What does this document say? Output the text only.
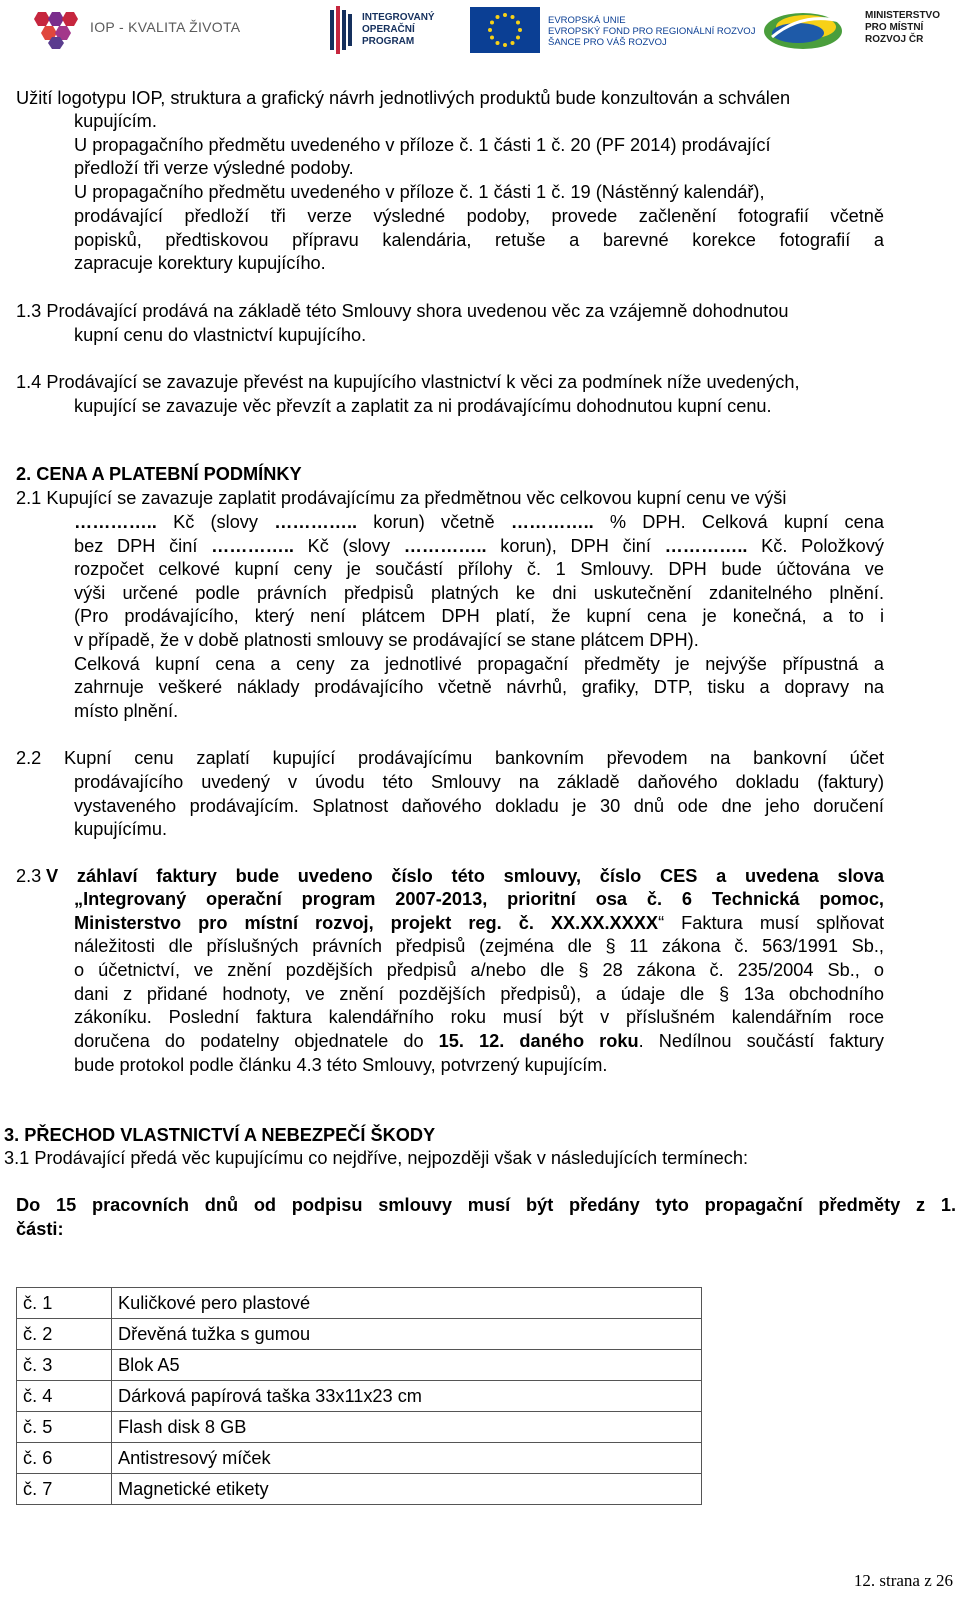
IOP - KVALITA ŽIVOTA
INTEGROVANÝ
OPERAČNÍ
PROGRAM
EVROPSKÁ UNIE
EVROPSKÝ FOND PRO REGIONÁLNÍ ROZVOJ
ŠANCE PRO VÁŠ ROZVOJ
MINISTERSTVO
PRO MÍSTNÍ
ROZVOJ ČR
Užití logotypu IOP, struktura a grafický návrh jednotlivých produktů bude konzultován a schválen
kupujícím.
U propagačního předmětu uvedeného v příloze č. 1 části 1 č. 20 (PF 2014) prodávající
předloží tři verze výsledné podoby.
U propagačního předmětu uvedeného v příloze č. 1 části 1 č. 19 (Nástěnný kalendář),
prodávající předloží tři verze výsledné podoby, provede začlenění fotografií včetně
popisků, předtiskovou přípravu kalendária, retuše a barevné korekce fotografií a
zapracuje korektury kupujícího.
1.3 Prodávající prodává na základě této Smlouvy shora uvedenou věc za vzájemně dohodnutou
kupní cenu do vlastnictví kupujícího.
1.4 Prodávající se zavazuje převést na kupujícího vlastnictví k věci za podmínek níže uvedených,
kupující se zavazuje věc převzít a zaplatit za ni prodávajícímu dohodnutou kupní cenu.
2. CENA A PLATEBNÍ PODMÍNKY
2.1 Kupující se zavazuje zaplatit prodávajícímu za předmětnou věc celkovou kupní cenu ve výši
………….. Kč (slovy ………….. korun) včetně ………….. % DPH. Celková kupní cena
bez DPH činí ………….. Kč (slovy ………….. korun), DPH činí ………….. Kč. Položkový
rozpočet celkové kupní ceny je součástí přílohy č. 1 Smlouvy. DPH bude účtována ve
výši určené podle právních předpisů platných ke dni uskutečnění zdanitelného plnění.
(Pro prodávajícího, který není plátcem DPH platí, že kupní cena je konečná, a to i
v případě, že v době platnosti smlouvy se prodávající se stane plátcem DPH).
Celková kupní cena a ceny za jednotlivé propagační předměty je nejvýše přípustná a
zahrnuje veškeré náklady prodávajícího včetně návrhů, grafiky, DTP, tisku a dopravy na
místo plnění.
2.2 Kupní cenu zaplatí kupující prodávajícímu bankovním převodem na bankovní účet
prodávajícího uvedený v úvodu této Smlouvy na základě daňového dokladu (faktury)
vystaveného prodávajícím. Splatnost daňového dokladu je 30 dnů ode dne jeho doručení
kupujícímu.
2.3 V záhlaví faktury bude uvedeno číslo této smlouvy, číslo CES a uvedena slova
„Integrovaný operační program 2007-2013, prioritní osa č. 6 Technická pomoc,
Ministerstvo pro místní rozvoj, projekt reg. č. XX.XX.XXXX“ Faktura musí splňovat
náležitosti dle příslušných právních předpisů (zejména dle § 11 zákona č. 563/1991 Sb.,
o účetnictví, ve znění pozdějších předpisů a/nebo dle § 28 zákona č. 235/2004 Sb., o
dani z přidané hodnoty, ve znění pozdějších předpisů), a údaje dle § 13a obchodního
zákoníku. Poslední faktura kalendářního roku musí být v příslušném kalendářním roce
doručena do podatelny objednatele do 15. 12. daného roku. Nedílnou součástí faktury
bude protokol podle článku 4.3 této Smlouvy, potvrzený kupujícím.
3. PŘECHOD VLASTNICTVÍ A NEBEZPEČÍ ŠKODY
3.1 Prodávající předá věc kupujícímu co nejdříve, nejpozději však v následujících termínech:
Do 15 pracovních dnů od podpisu smlouvy musí být předány tyto propagační předměty z 1.
části:
č. 1	Kuličkové pero plastové
č. 2	Dřevěná tužka s gumou
č. 3	Blok A5
č. 4	Dárková papírová taška 33x11x23 cm
č. 5	Flash disk 8 GB
č. 6	Antistresový míček
č. 7	Magnetické etikety
12. strana z 26
